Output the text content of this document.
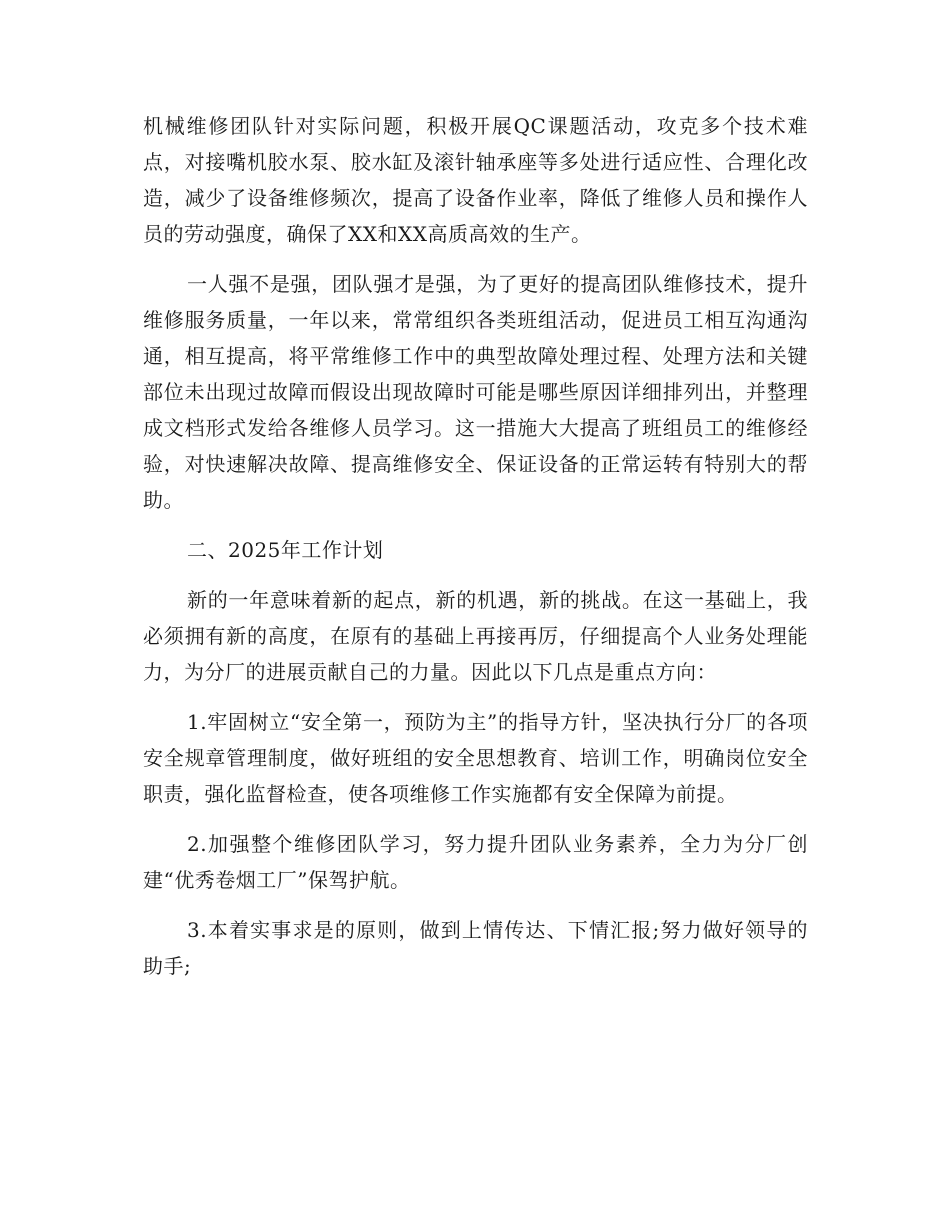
机械维修团队针对实际问题，积极开展QC课题活动，攻克多个技术难点，对接嘴机胶水泵、胶水缸及滚针轴承座等多处进行适应性、合理化改造，减少了设备维修频次，提高了设备作业率，降低了维修人员和操作人员的劳动强度，确保了XX和XX高质高效的生产。

一人强不是强，团队强才是强，为了更好的提高团队维修技术，提升维修服务质量，一年以来，常常组织各类班组活动，促进员工相互沟通沟通，相互提高，将平常维修工作中的典型故障处理过程、处理方法和关键部位未出现过故障而假设出现故障时可能是哪些原因详细排列出，并整理成文档形式发给各维修人员学习。这一措施大大提高了班组员工的维修经验，对快速解决故障、提高维修安全、保证设备的正常运转有特别大的帮助。

二、2025年工作计划

新的一年意味着新的起点，新的机遇，新的挑战。在这一基础上，我必须拥有新的高度，在原有的基础上再接再厉，仔细提高个人业务处理能力，为分厂的进展贡献自己的力量。因此以下几点是重点方向：

1.牢固树立“安全第一，预防为主”的指导方针，坚决执行分厂的各项安全规章管理制度，做好班组的安全思想教育、培训工作，明确岗位安全职责，强化监督检查，使各项维修工作实施都有安全保障为前提。

2.加强整个维修团队学习，努力提升团队业务素养，全力为分厂创建“优秀卷烟工厂”保驾护航。

3.本着实事求是的原则，做到上情传达、下情汇报;努力做好领导的助手;
